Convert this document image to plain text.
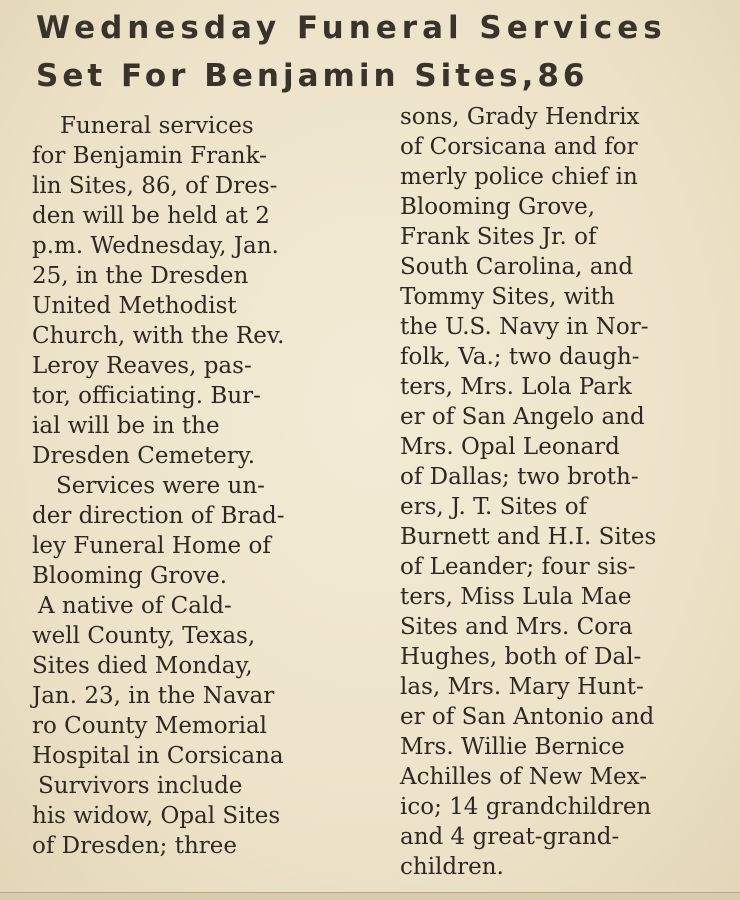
Wednesday Funeral Services
Set For Benjamin Sites,86
Funeral services
for Benjamin Frank-
lin Sites, 86, of Dres-
den will be held at 2
p.m. Wednesday, Jan.
25, in the Dresden
United Methodist
Church, with the Rev.
Leroy Reaves, pas-
tor, officiating. Bur-
ial will be in the
Dresden Cemetery.
Services were un-
der direction of Brad-
ley Funeral Home of
Blooming Grove.
A native of Cald-
well County, Texas,
Sites died Monday,
Jan. 23, in the Navar
ro County Memorial
Hospital in Corsicana
Survivors include
his widow, Opal Sites
of Dresden; three
sons, Grady Hendrix
of Corsicana and for
merly police chief in
Blooming Grove,
Frank Sites Jr. of
South Carolina, and
Tommy Sites, with
the U.S. Navy in Nor-
folk, Va.; two daugh-
ters, Mrs. Lola Park
er of San Angelo and
Mrs. Opal Leonard
of Dallas; two broth-
ers, J. T. Sites of
Burnett and H.I. Sites
of Leander; four sis-
ters, Miss Lula Mae
Sites and Mrs. Cora
Hughes, both of Dal-
las, Mrs. Mary Hunt-
er of San Antonio and
Mrs. Willie Bernice
Achilles of New Mex-
ico; 14 grandchildren
and 4 great-grand-
children.
